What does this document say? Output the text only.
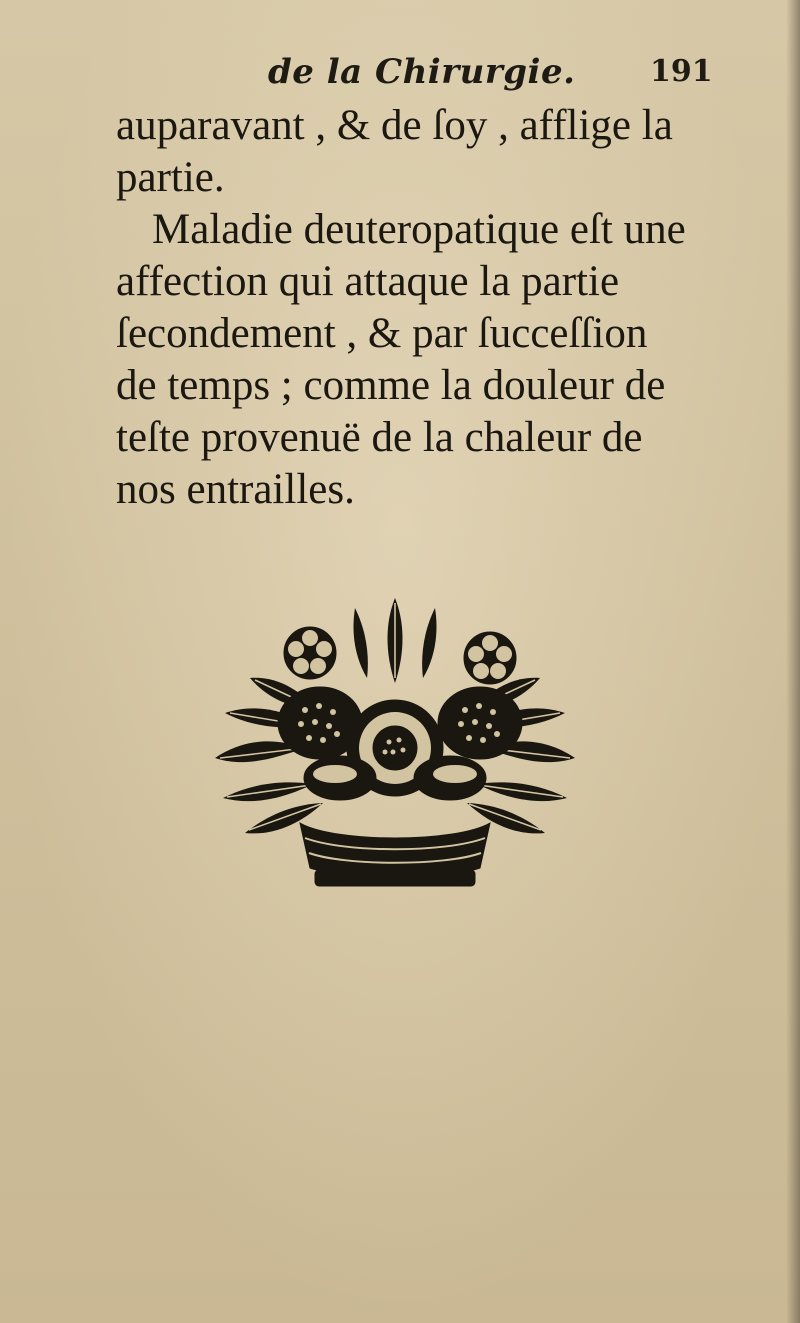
de la Chirurgie. 191
auparavant , & de ſoy , afflige la
partie.
Maladie deuteropatique eſt une
affection qui attaque la partie
ſecondement , & par ſucceſſion
de temps ; comme la douleur de
teſte provenuë de la chaleur de
nos entrailles.
